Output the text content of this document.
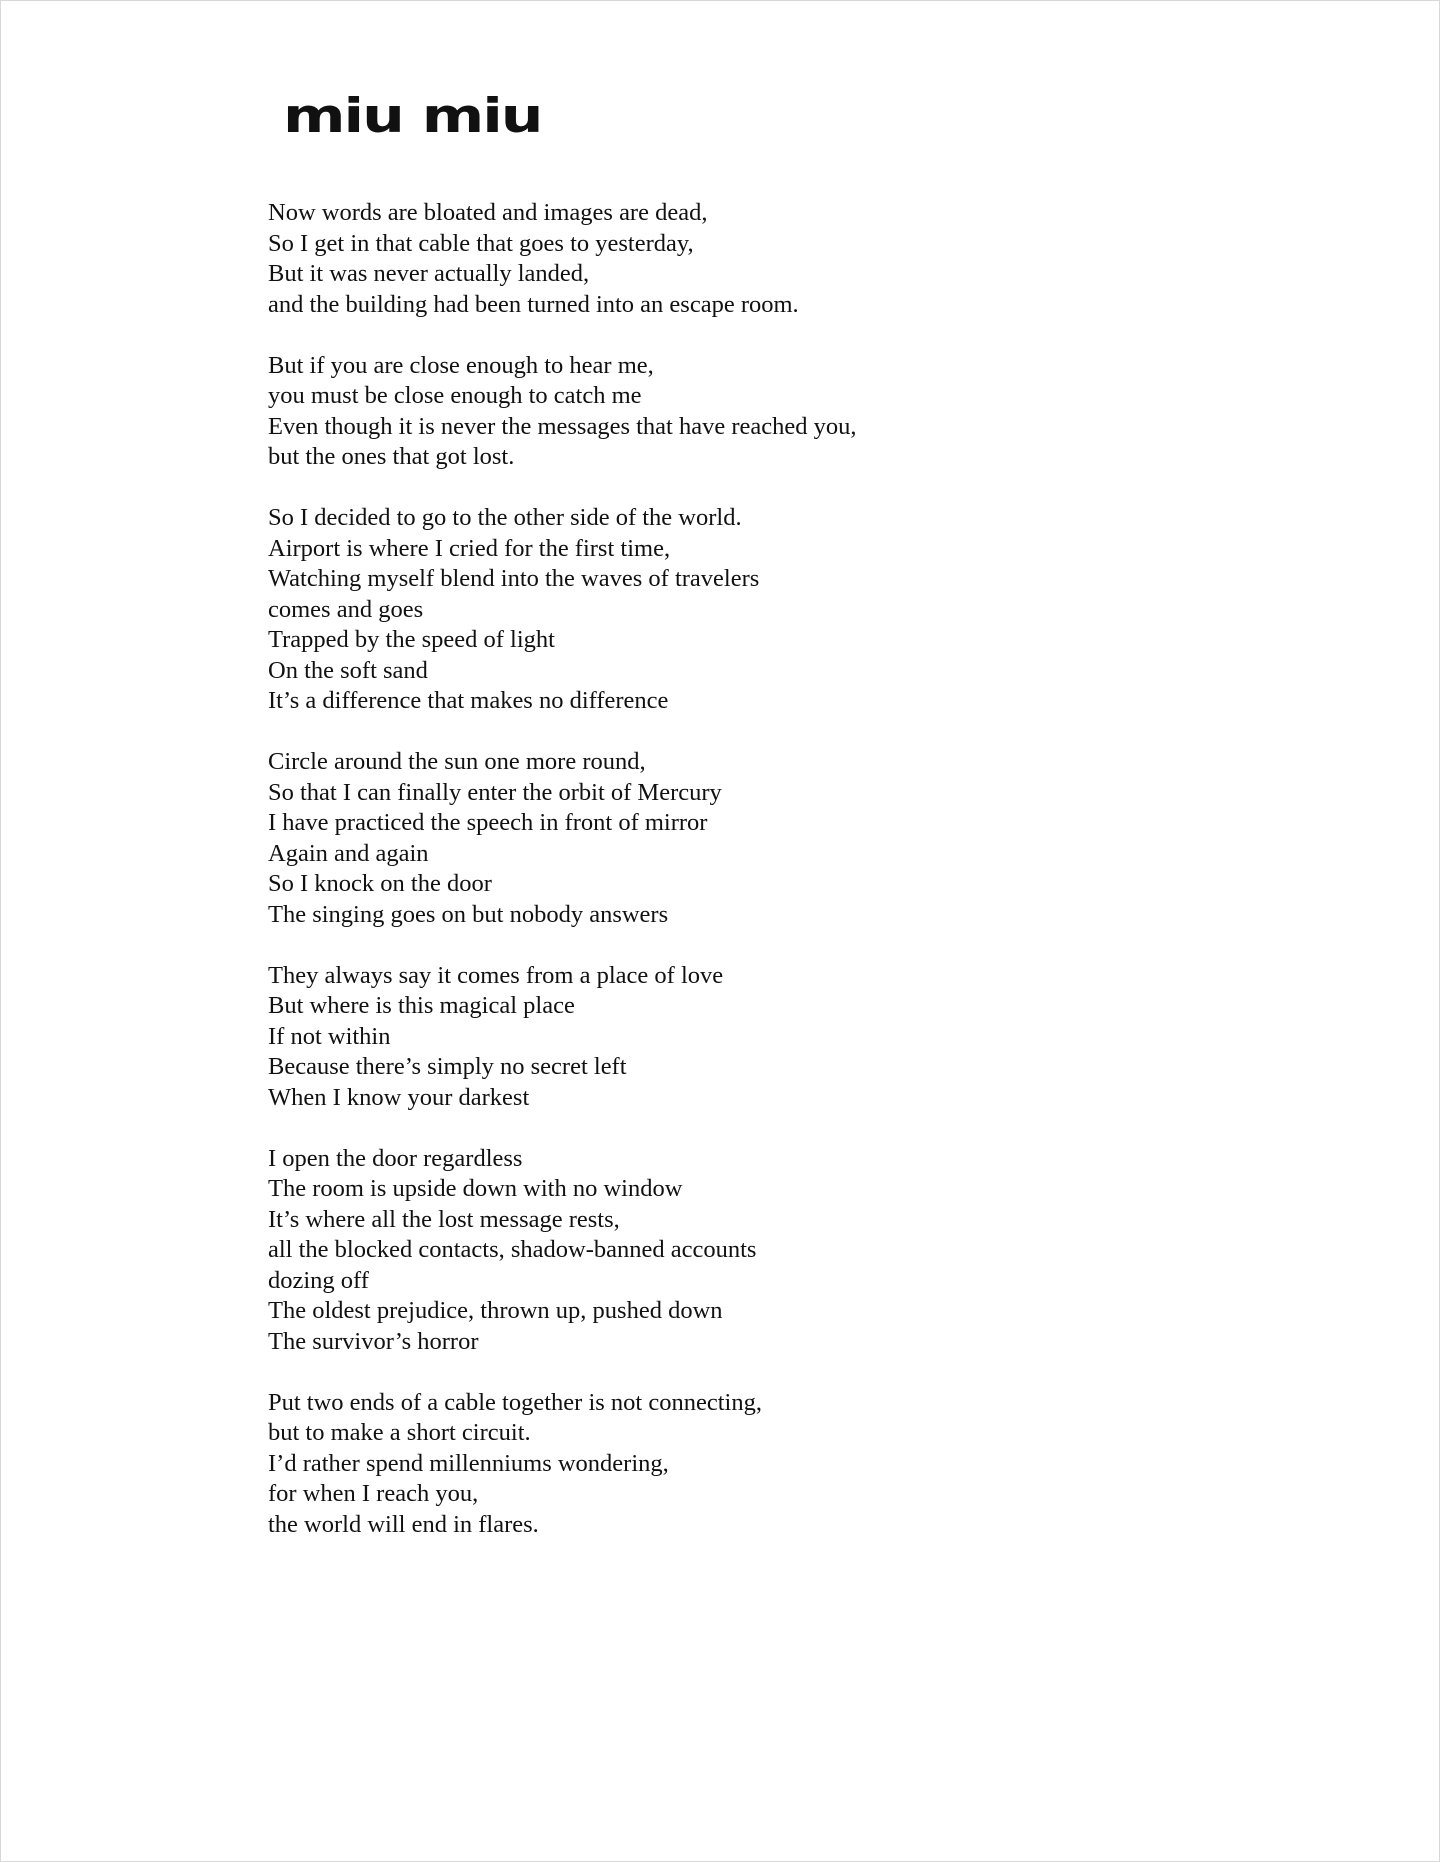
miu miu
Now words are bloated and images are dead,
So I get in that cable that goes to yesterday,
But it was never actually landed,
and the building had been turned into an escape room.
But if you are close enough to hear me,
you must be close enough to catch me
Even though it is never the messages that have reached you,
but the ones that got lost.
So I decided to go to the other side of the world.
Airport is where I cried for the first time,
Watching myself blend into the waves of travelers
comes and goes
Trapped by the speed of light
On the soft sand
It’s a difference that makes no difference
Circle around the sun one more round,
So that I can finally enter the orbit of Mercury
I have practiced the speech in front of mirror
Again and again
So I knock on the door
The singing goes on but nobody answers
They always say it comes from a place of love
But where is this magical place
If not within
Because there’s simply no secret left
When I know your darkest
I open the door regardless
The room is upside down with no window
It’s where all the lost message rests,
all the blocked contacts, shadow-banned accounts
dozing off
The oldest prejudice, thrown up, pushed down
The survivor’s horror
Put two ends of a cable together is not connecting,
but to make a short circuit.
I’d rather spend millenniums wondering,
for when I reach you,
the world will end in flares.
